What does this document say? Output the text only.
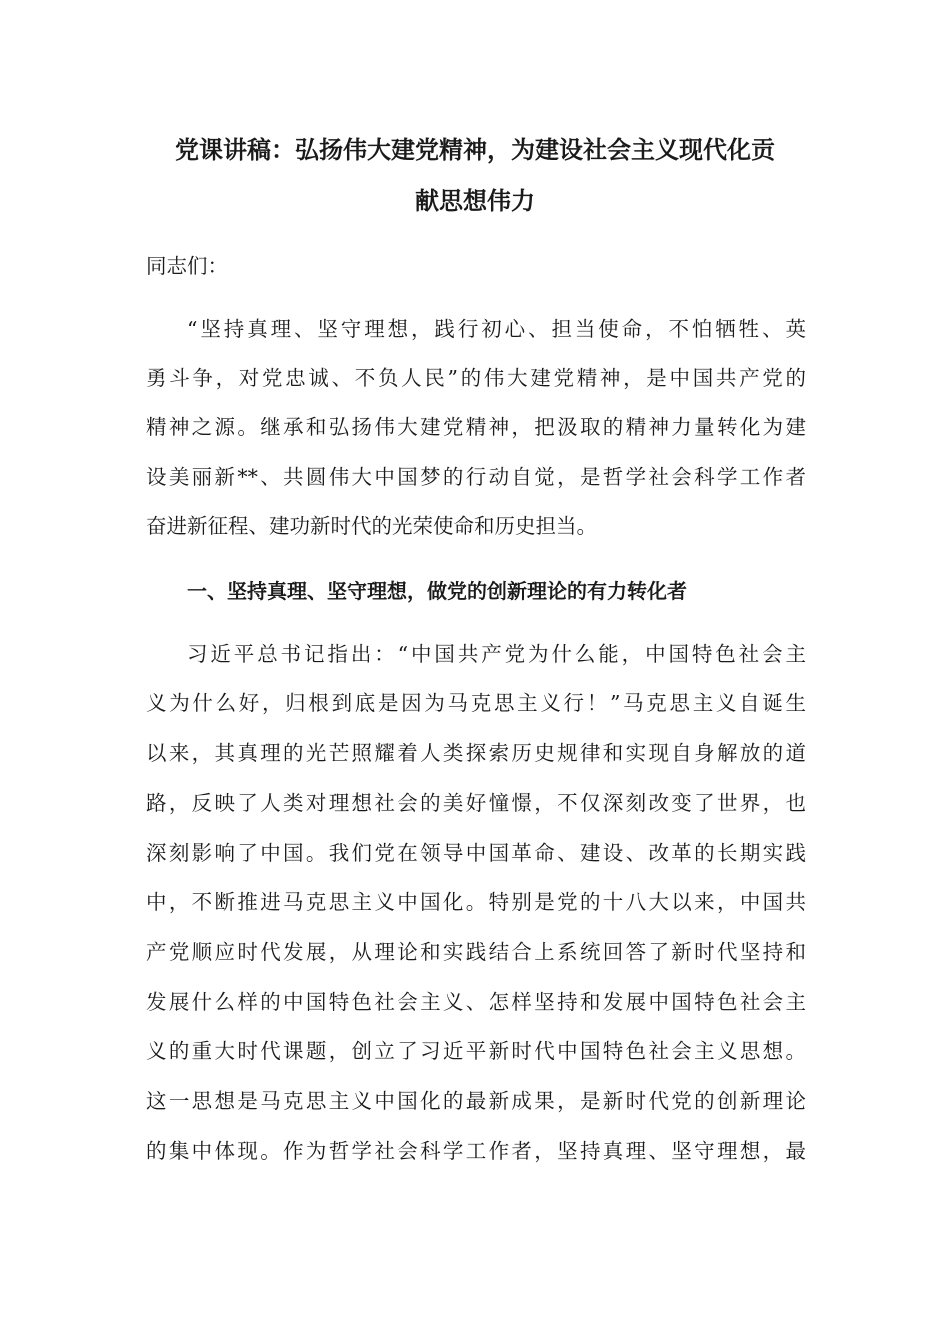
党课讲稿：弘扬伟大建党精神，为建设社会主义现代化贡
献思想伟力
同志们：
“坚持真理、坚守理想，践行初心、担当使命，不怕牺牲、英
勇斗争，对党忠诚、不负人民”的伟大建党精神，是中国共产党的
精神之源。继承和弘扬伟大建党精神，把汲取的精神力量转化为建
设美丽新**、共圆伟大中国梦的行动自觉，是哲学社会科学工作者
奋进新征程、建功新时代的光荣使命和历史担当。
一、坚持真理、坚守理想，做党的创新理论的有力转化者
习近平总书记指出：“中国共产党为什么能，中国特色社会主
义为什么好，归根到底是因为马克思主义行！”马克思主义自诞生
以来，其真理的光芒照耀着人类探索历史规律和实现自身解放的道
路，反映了人类对理想社会的美好憧憬，不仅深刻改变了世界，也
深刻影响了中国。我们党在领导中国革命、建设、改革的长期实践
中，不断推进马克思主义中国化。特别是党的十八大以来，中国共
产党顺应时代发展，从理论和实践结合上系统回答了新时代坚持和
发展什么样的中国特色社会主义、怎样坚持和发展中国特色社会主
义的重大时代课题，创立了习近平新时代中国特色社会主义思想。
这一思想是马克思主义中国化的最新成果，是新时代党的创新理论
的集中体现。作为哲学社会科学工作者，坚持真理、坚守理想，最
